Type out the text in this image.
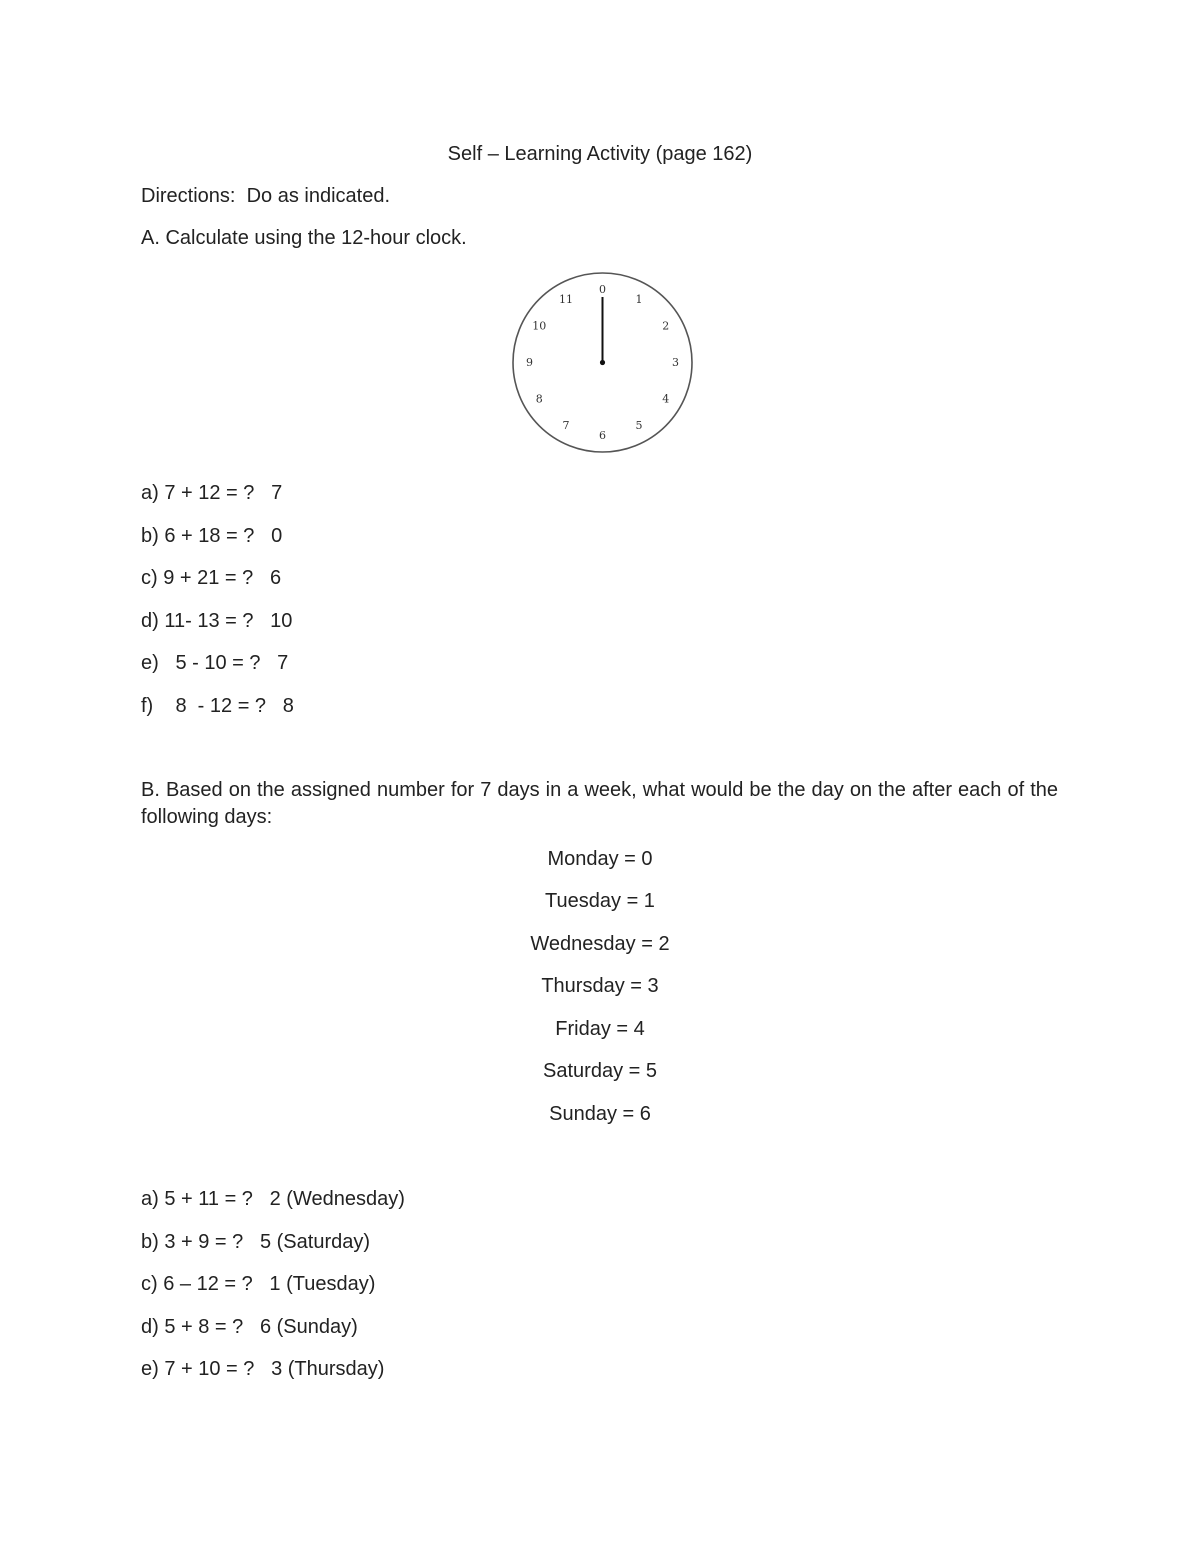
Self – Learning Activity (page 162)
Directions:  Do as indicated.
A. Calculate using the 12-hour clock.
0
1
2
3
4
5
6
7
8
9
10
11
a) 7 + 12 = ?   7
b) 6 + 18 = ?   0
c) 9 + 21 = ?   6
d) 11- 13 = ?   10
e)   5 - 10 = ?   7
f)    8  - 12 = ?   8
B. Based on the assigned number for 7 days in a week, what would be the day on the after each of the following days:
Monday = 0
Tuesday = 1
Wednesday = 2
Thursday = 3
Friday = 4
Saturday = 5
Sunday = 6
a) 5 + 11 = ?   2 (Wednesday)
b) 3 + 9 = ?   5 (Saturday)
c) 6 – 12 = ?   1 (Tuesday)
d) 5 + 8 = ?   6 (Sunday)
e) 7 + 10 = ?   3 (Thursday)
